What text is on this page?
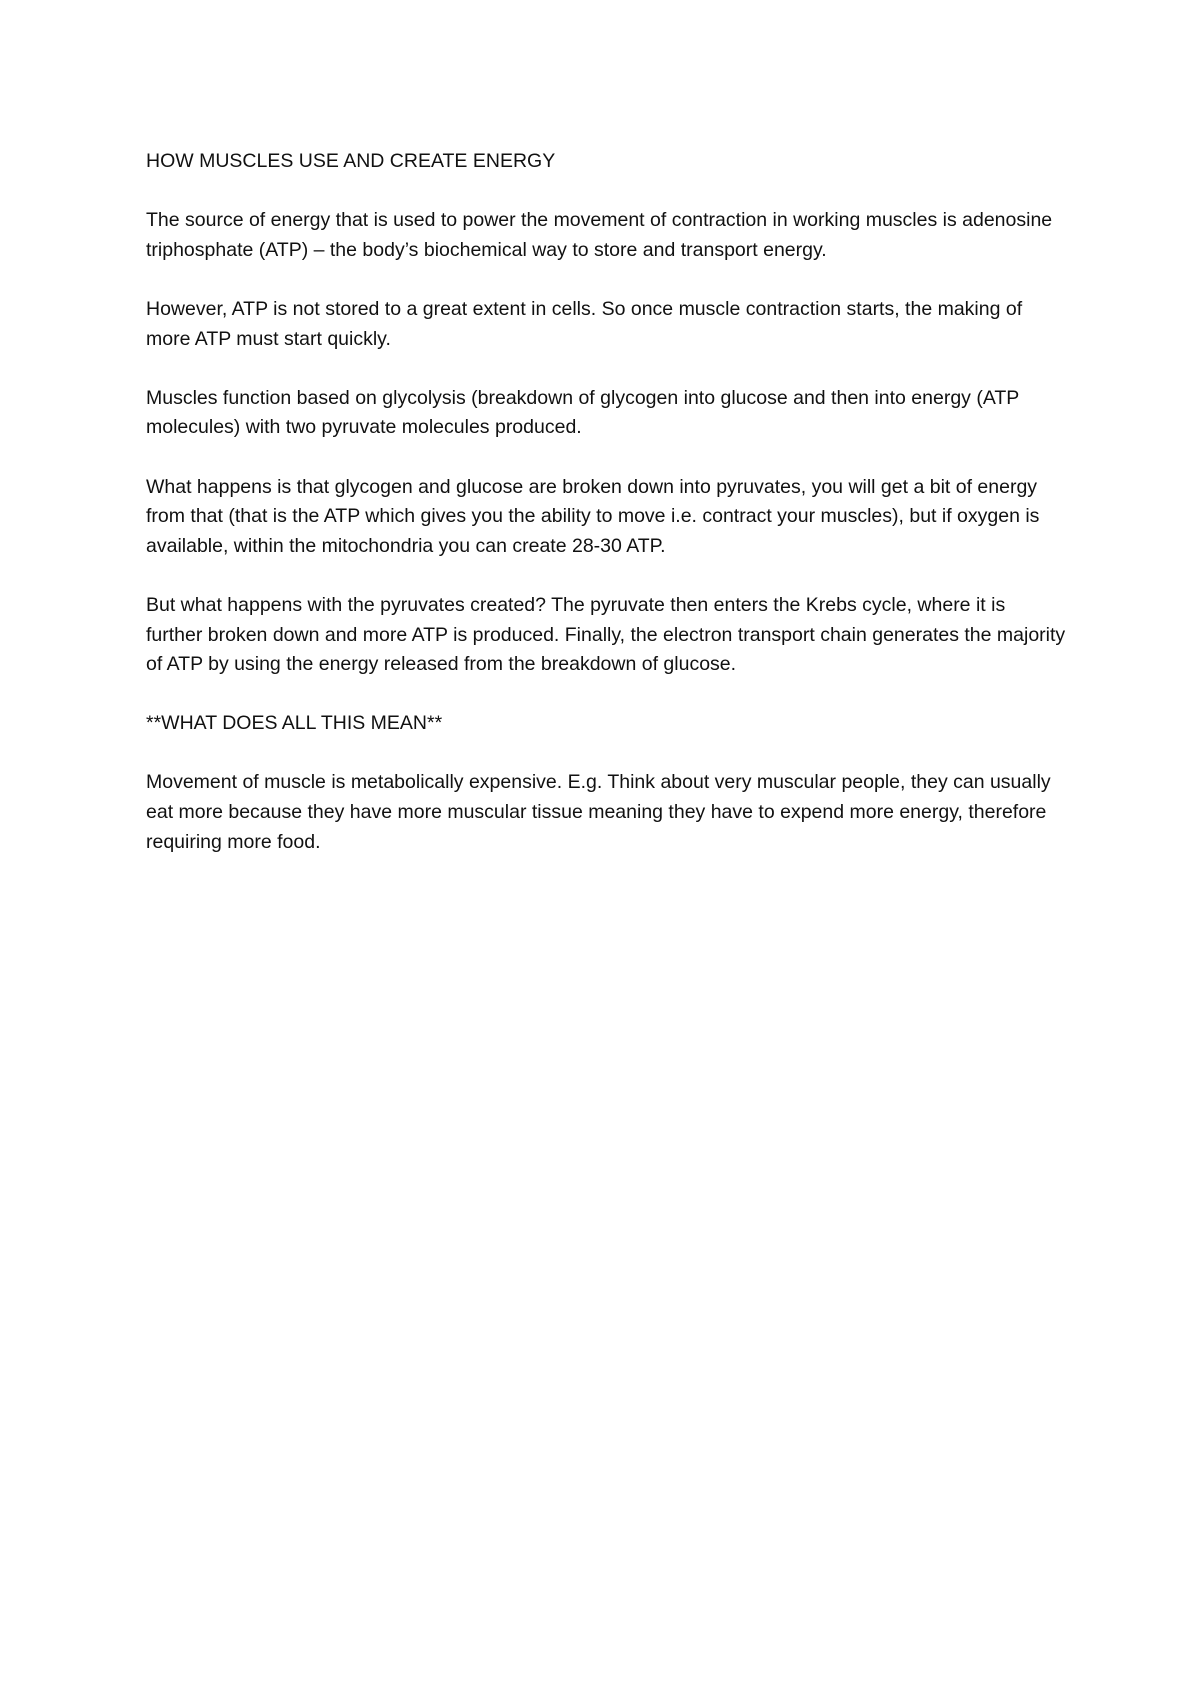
HOW MUSCLES USE AND CREATE ENERGY

The source of energy that is used to power the movement of contraction in working muscles is adenosine triphosphate (ATP) – the body’s biochemical way to store and transport energy.

However, ATP is not stored to a great extent in cells. So once muscle contraction starts, the making of more ATP must start quickly.

Muscles function based on glycolysis (breakdown of glycogen into glucose and then into energy (ATP molecules) with two pyruvate molecules produced.

What happens is that glycogen and glucose are broken down into pyruvates, you will get a bit of energy from that (that is the ATP which gives you the ability to move i.e. contract your muscles), but if oxygen is available, within the mitochondria you can create 28-30 ATP.

But what happens with the pyruvates created? The pyruvate then enters the Krebs cycle, where it is further broken down and more ATP is produced. Finally, the electron transport chain generates the majority of ATP by using the energy released from the breakdown of glucose.

**WHAT DOES ALL THIS MEAN**

Movement of muscle is metabolically expensive. E.g. Think about very muscular people, they can usually eat more because they have more muscular tissue meaning they have to expend more energy, therefore requiring more food.
